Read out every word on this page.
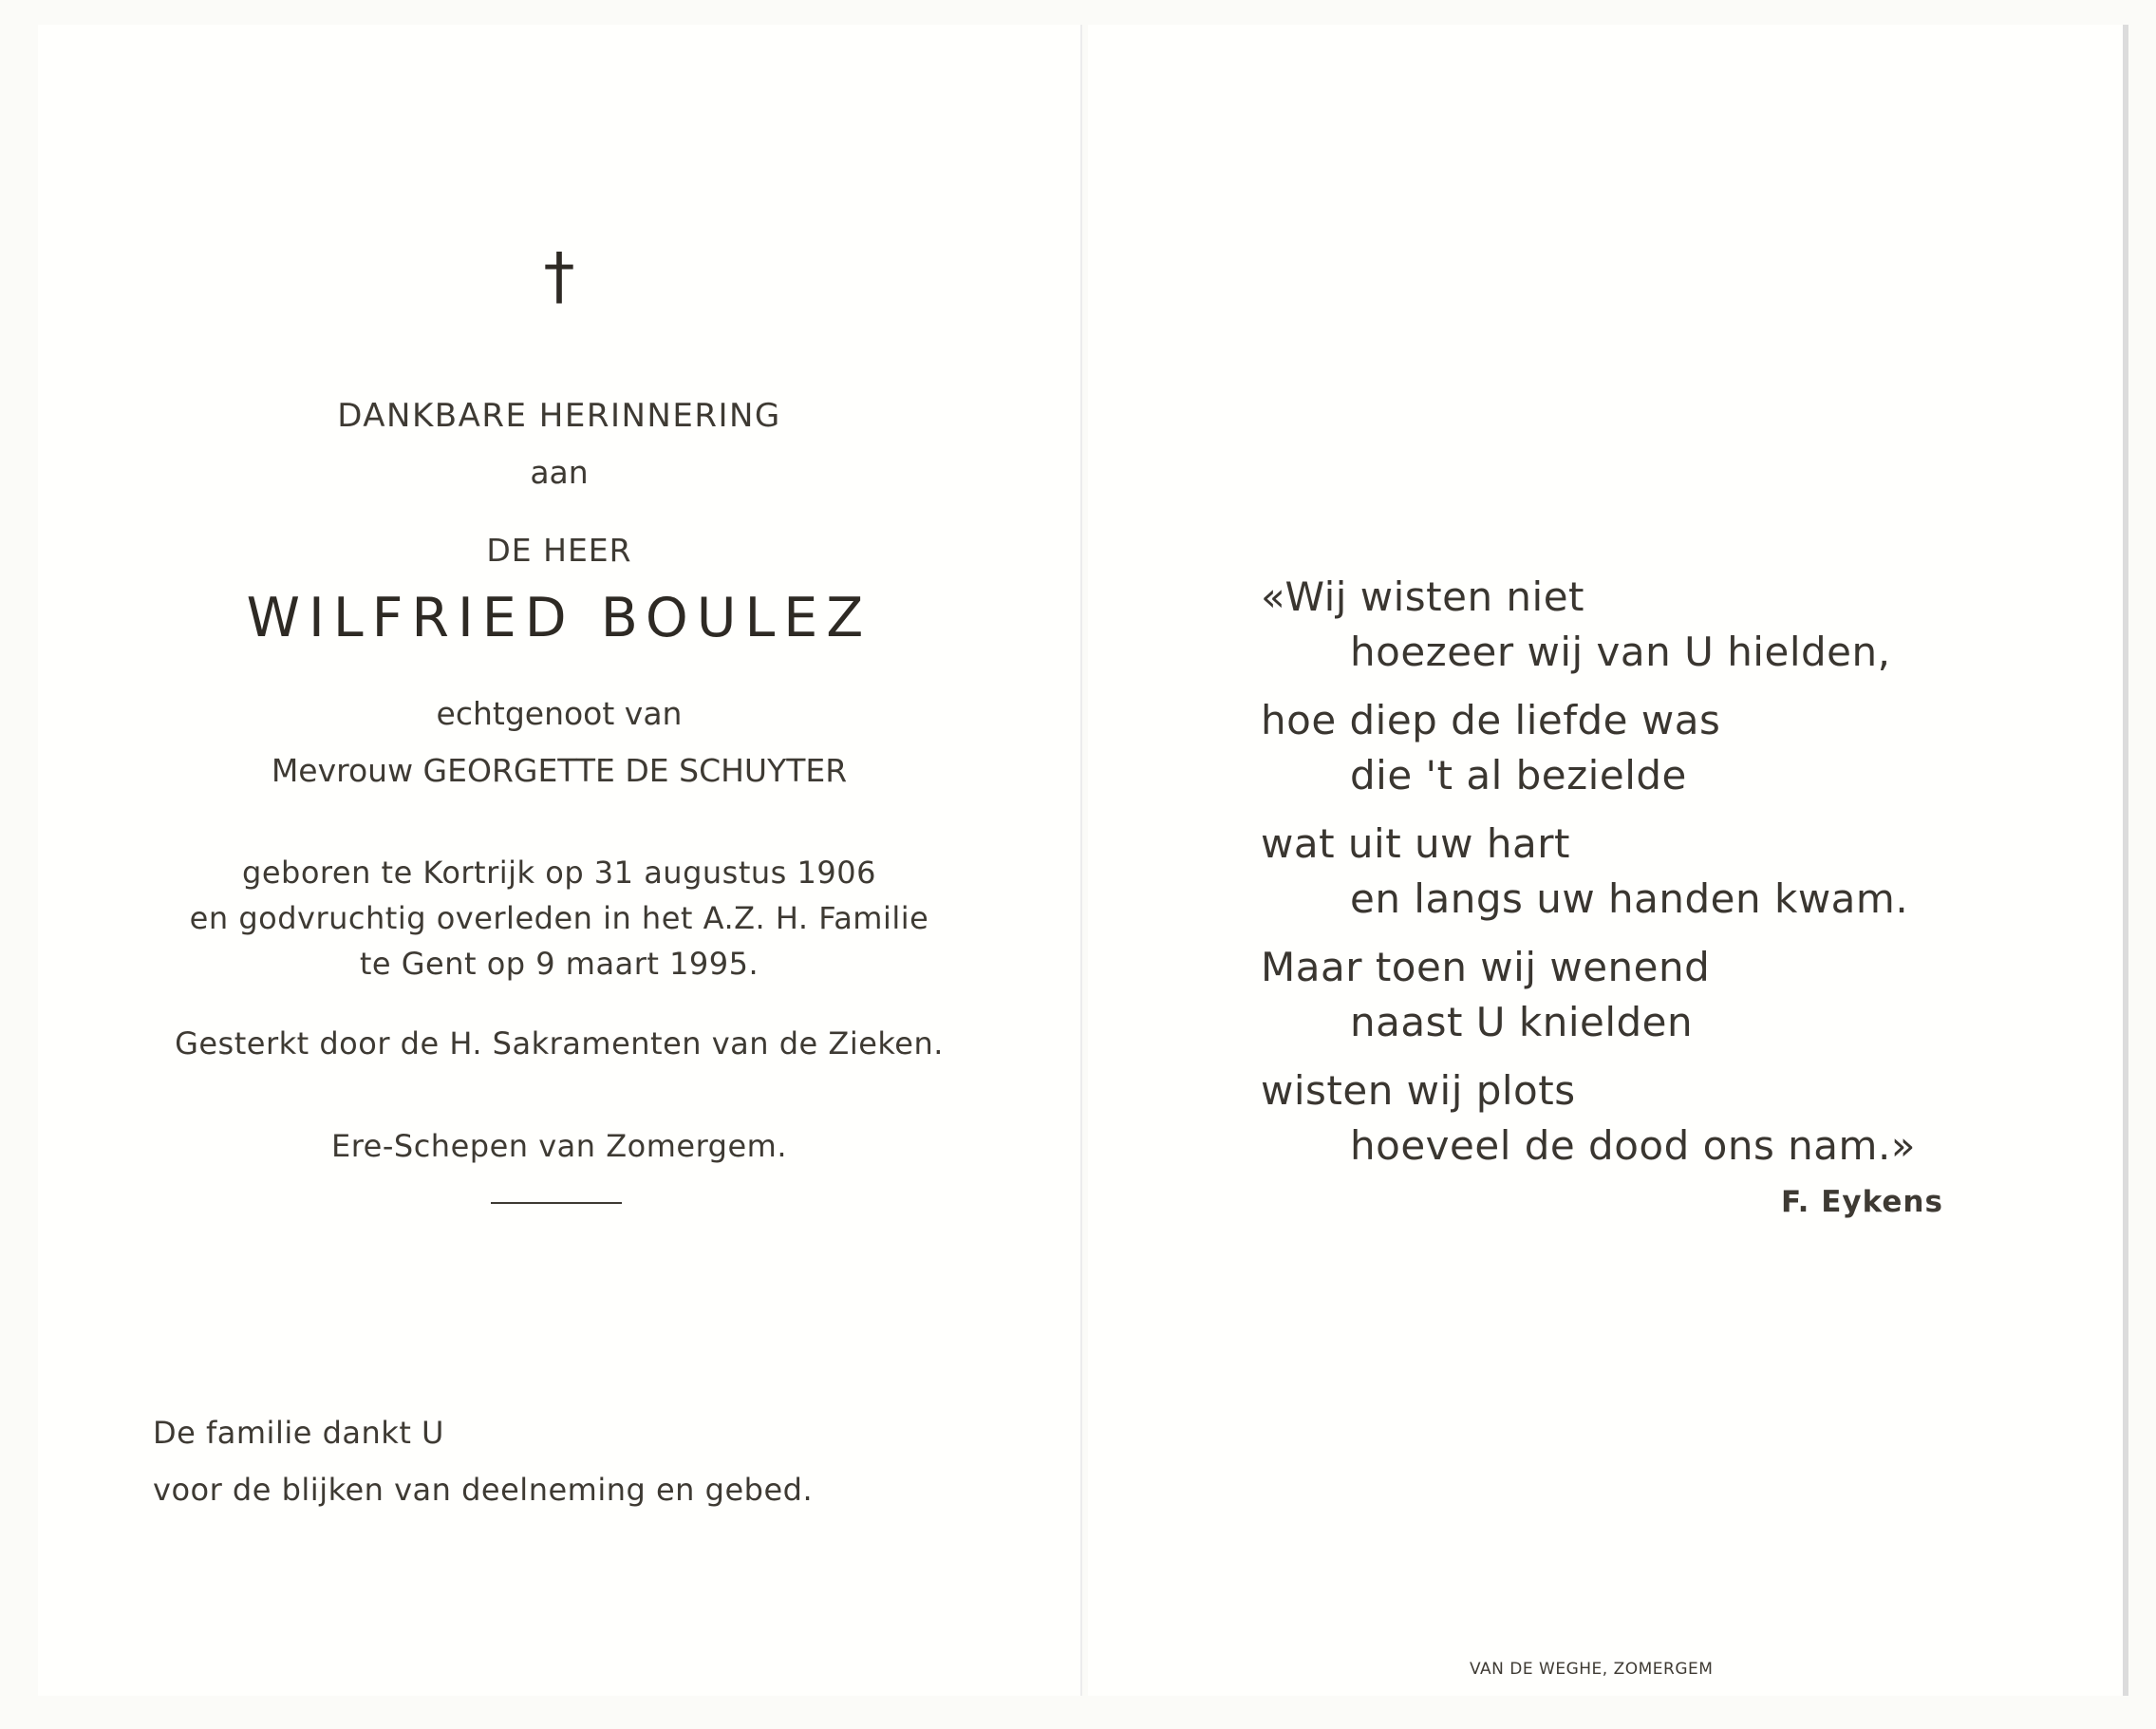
†
DANKBARE HERINNERING
aan
DE HEER
WILFRIED BOULEZ
echtgenoot van
Mevrouw GEORGETTE DE SCHUYTER
geboren te Kortrijk op 31 augustus 1906
en godvruchtig overleden in het A.Z. H. Familie
te Gent op 9 maart 1995.
Gesterkt door de H. Sakramenten van de Zieken.
Ere-Schepen van Zomergem.
De familie dankt U
voor de blijken van deelneming en gebed.
«Wij wisten niet
hoezeer wij van U hielden,
hoe diep de liefde was
die 't al bezielde
wat uit uw hart
en langs uw handen kwam.
Maar toen wij wenend
naast U knielden
wisten wij plots
hoeveel de dood ons nam.»
F. Eykens
VAN DE WEGHE, ZOMERGEM
